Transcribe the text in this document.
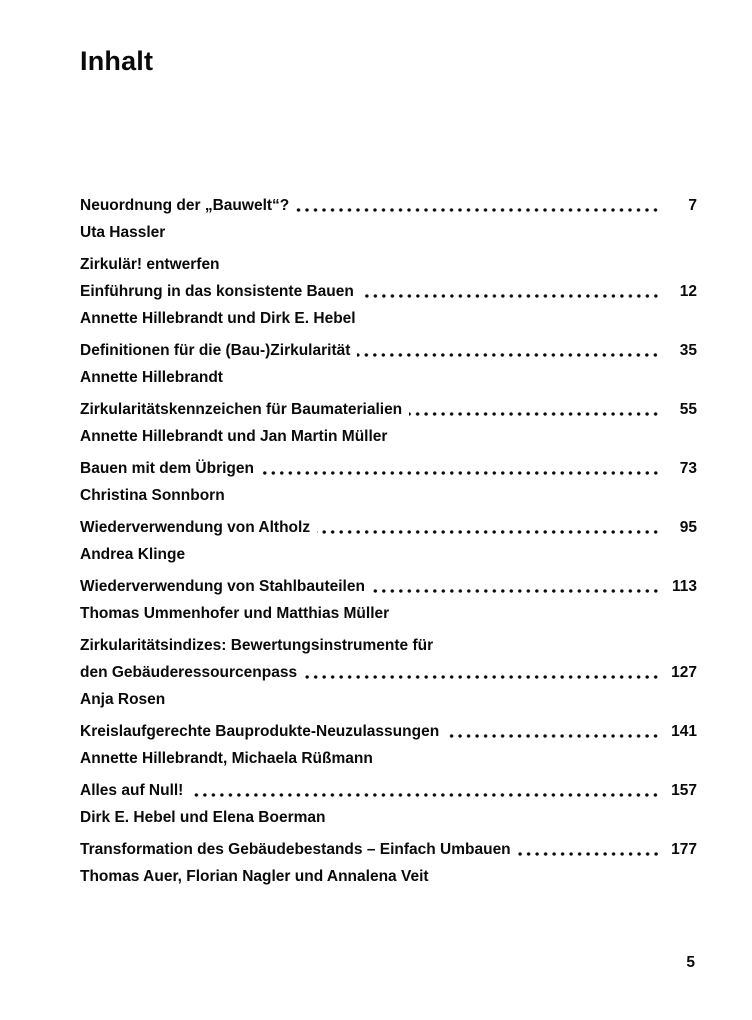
Inhalt
Neuordnung der „Bauwelt“?	7
Uta Hassler
Zirkulär! entwerfen
Einführung in das konsistente Bauen	12
Annette Hillebrandt und Dirk E. Hebel
Definitionen für die (Bau-)Zirkularität	35
Annette Hillebrandt
Zirkularitätskennzeichen für Baumaterialien	55
Annette Hillebrandt und Jan Martin Müller
Bauen mit dem Übrigen	73
Christina Sonnborn
Wiederverwendung von Altholz	95
Andrea Klinge
Wiederverwendung von Stahlbauteilen	113
Thomas Ummenhofer und Matthias Müller
Zirkularitätsindizes: Bewertungsinstrumente für
den Gebäuderessourcenpass	127
Anja Rosen
Kreislaufgerechte Bauprodukte-Neuzulassungen	141
Annette Hillebrandt, Michaela Rüßmann
Alles auf Null!	157
Dirk E. Hebel und Elena Boerman
Transformation des Gebäudebestands – Einfach Umbauen	177
Thomas Auer, Florian Nagler und Annalena Veit
5
